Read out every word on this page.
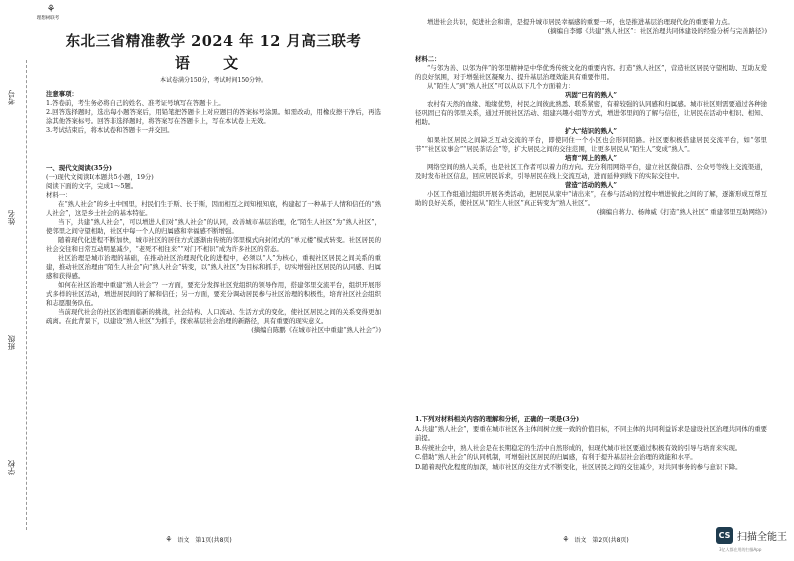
考号
姓名
班级
学校
⚘
理想树联考
东北三省精准教学 2024 年 12 月高三联考
语 文
本试卷满分150分，考试时间150分钟。

注意事项：

1.答卷前，考生务必将自己的姓名、准考证号填写在答题卡上。

2.回答选择题时，选出每小题答案后，用铅笔把答题卡上对应题目的答案标号涂黑。如需改动，用橡皮擦干净后，再选涂其他答案标号。回答非选择题时，将答案写在答题卡上，写在本试卷上无效。

3.考试结束后，将本试卷和答题卡一并交回。

一、现代文阅读(35分)

(一)现代文阅读Ⅰ(本题共5小题，19分)

阅读下面的文字，完成1～5题。

材料一：

在“熟人社会”的乡土中国里，村民们生于斯、长于斯，因而相互之间知根知底，构建起了一种基于人情和信任的“熟人社会”，这是乡土社会的基本特征。

当下，共建“熟人社会”，可以增进人们对“熟人社会”的认同，改善城市基层治理，化“陌生人社区”为“熟人社区”，使邻里之间守望相助，社区中每一个人的归属感和幸福感不断增强。

随着现代化进程不断加快，城市社区的居住方式逐渐由传统的邻里模式向封闭式的“单元楼”模式转变。社区居民的社会交往和日常互动明显减少，“老死不相往来”“对门不相识”成为许多社区的常态。

社区治理是城市治理的基础，在推动社区治理现代化的进程中，必须以“人”为核心，重视社区居民之间关系的重建，推动社区治理由“陌生人社会”向“熟人社会”转变，以“熟人社区”为目标和抓手，切实增强社区居民的认同感、归属感和获得感。

如何在社区治理中重建“熟人社会”？一方面，要充分发挥社区党组织的领导作用，搭建邻里交流平台，组织开展形式多样的社区活动，增进居民间的了解和信任；另一方面，要充分调动居民参与社区治理的积极性，培育社区社会组织和志愿服务队伍。

当前现代社会的社区治理面临新的挑战，社会结构、人口流动、生活方式的变化，使社区居民之间的关系变得更加疏离。在此背景下，以建设“熟人社区”为抓手，探索基层社会治理的新路径，具有重要的现实意义。

(摘编自陈鹏《在城市社区中重建“熟人社会”》)

⚘ 语文　第1页(共8页)

增进社会共识，促进社会和谐，是提升城市居民幸福感的重要一环，也是推进基层治理现代化的重要着力点。

(摘编自李娜《共建“熟人社区”：社区治理共同体建设的经验分析与完善路径》)

材料二：

“与邻为善、以邻为伴”的邻里精神是中华优秀传统文化的重要内容。打造“熟人社区”，营造社区居民守望相助、互助友爱的良好氛围，对于增强社区凝聚力、提升基层治理效能具有重要作用。

从“陌生人”到“熟人社区”可以从以下几个方面着力：

巩固“已有的熟人”

农村有天然的血缘、地缘优势，村民之间彼此熟悉、联系紧密，有着较强的认同感和归属感。城市社区则需要通过各种途径巩固已有的邻里关系，通过开展社区活动、组建兴趣小组等方式，增进邻里间的了解与信任，让居民在活动中相识、相知、相助。

扩大“结识的熟人”

如果社区居民之间缺乏互动交流的平台，即使同住一个小区也会形同陌路。社区要积极搭建居民交流平台，如“邻里节”“社区议事会”“居民茶话会”等，扩大居民之间的交往范围，让更多居民从“陌生人”变成“熟人”。

培育“网上的熟人”

网络空间的熟人关系，也是社区工作者可以着力的方向。充分利用网络平台，建立社区微信群、公众号等线上交流渠道，及时发布社区信息，回应居民诉求，引导居民在线上交流互动，进而延伸到线下的实际交往中。

营造“活动的熟人”

小区工作组通过组织开展各类活动，把居民从家中“请出来”，在参与活动的过程中增进彼此之间的了解，逐渐形成互帮互助的良好关系，使社区从“陌生人社区”真正转变为“熟人社区”。

(摘编自蒋力、杨帅威《打造“熟人社区” 重建邻里互助网络》)

1.下列对材料相关内容的理解和分析，正确的一项是(3分)

A.共建“熟人社会”，要重在城市社区各主体间树立统一致的价值目标，不同主体的共同利益诉求是建设社区治理共同体的重要前提。

B.传统社会中，熟人社会是在长期稳定的生活中自然形成的，但现代城市社区要通过积极有效的引导与培育来实现。

C.借助“熟人社会”的认同机制，可增强社区居民的归属感，有利于提升基层社会治理的效能和水平。

D.随着现代化程度的加深，城市社区的交往方式不断变化，社区居民之间的交往减少，对共同事务的参与意识下降。

⚘ 语文　第2页(共8页)
CS 扫描全能王
3亿人都在用的扫描App
